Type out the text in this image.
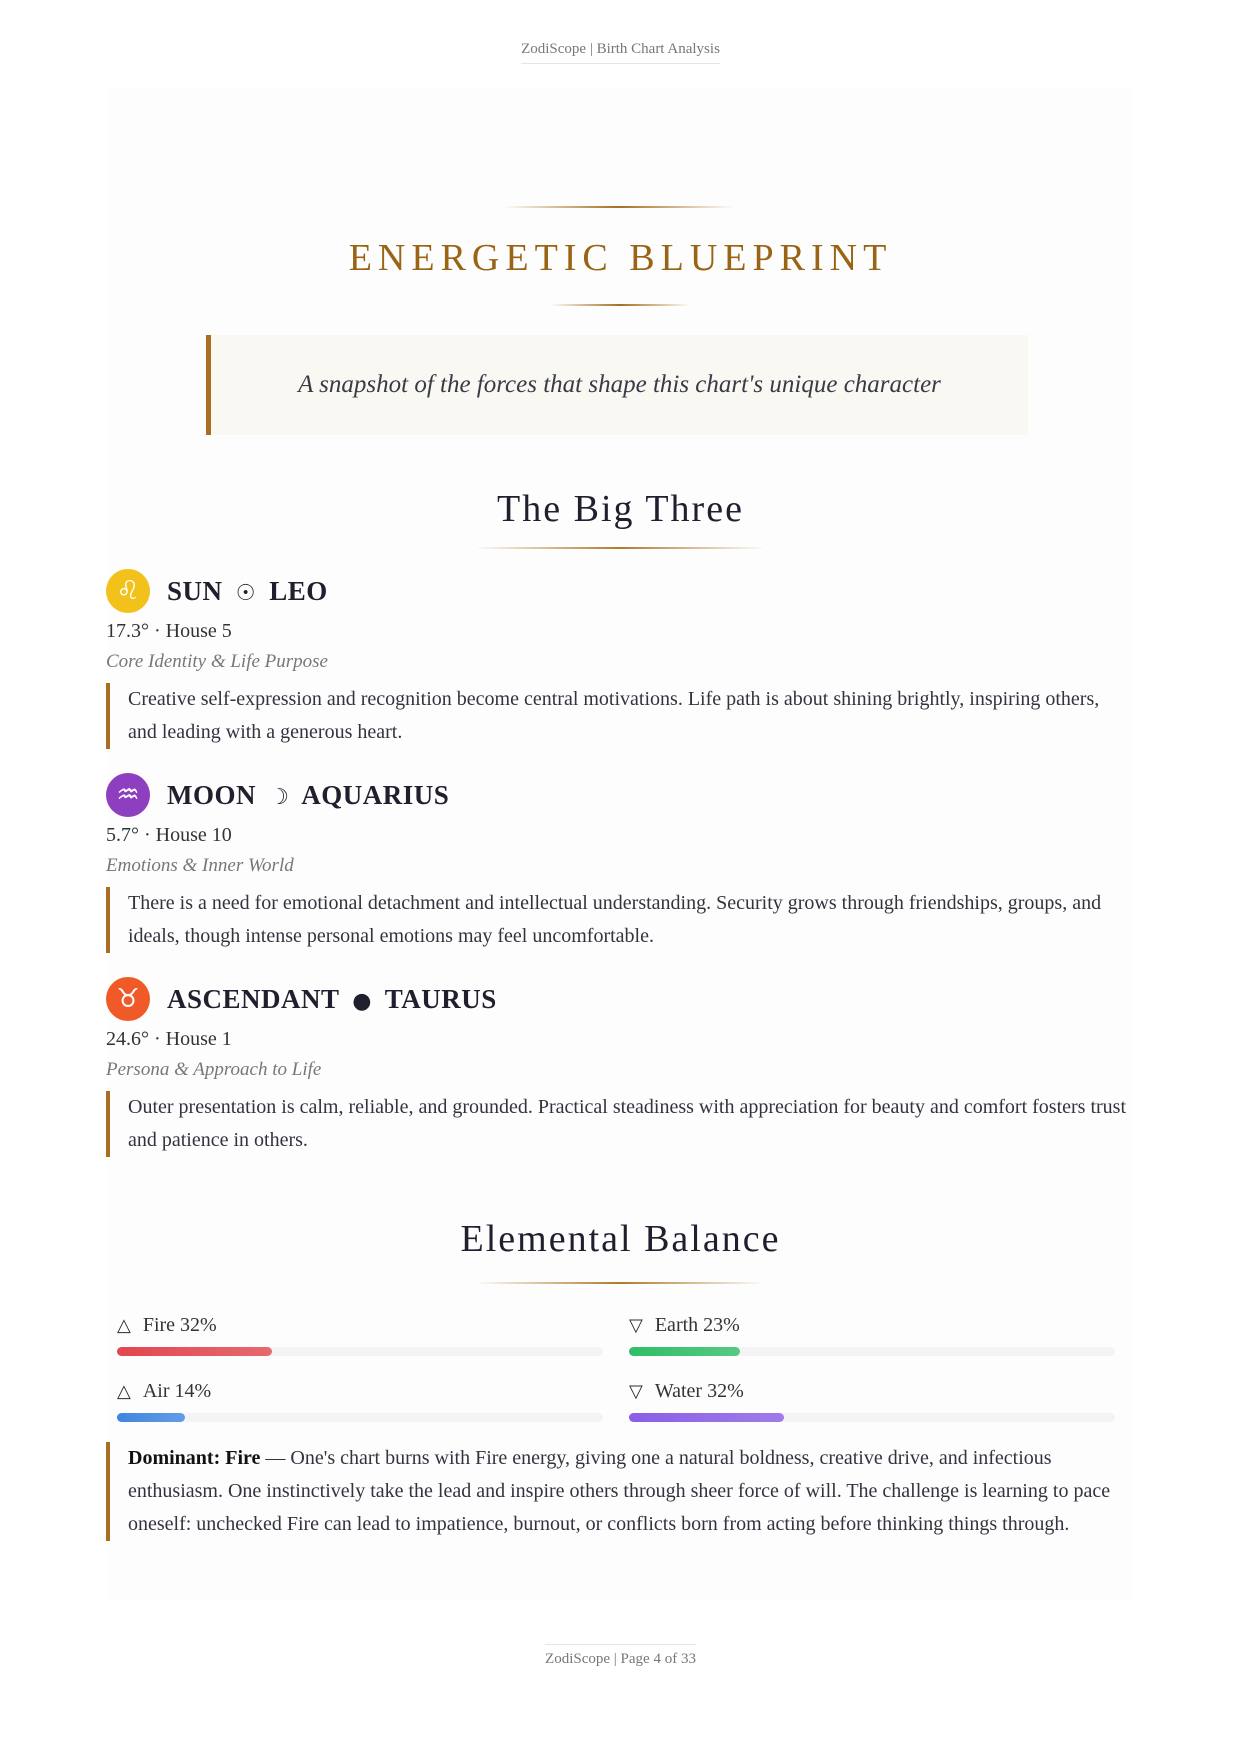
ZodiScope | Birth Chart Analysis
ENERGETIC BLUEPRINT
A snapshot of the forces that shape this chart's unique character
The Big Three
♌	SUN ☉ LEO
17.3° · House 5
Core Identity & Life Purpose
Creative self-expression and recognition become central motivations. Life path is about shining brightly, inspiring others, and leading with a generous heart.
♒	MOON ☽ AQUARIUS
5.7° · House 10
Emotions & Inner World
There is a need for emotional detachment and intellectual understanding. Security grows through friendships, groups, and ideals, though intense personal emotions may feel uncomfortable.
♉	ASCENDANT ● TAURUS
24.6° · House 1
Persona & Approach to Life
Outer presentation is calm, reliable, and grounded. Practical steadiness with appreciation for beauty and comfort fosters trust and patience in others.
Elemental Balance
△ Fire 32%	▽ Earth 23%
△ Air 14%	▽ Water 32%
Dominant: Fire — One's chart burns with Fire energy, giving one a natural boldness, creative drive, and infectious enthusiasm. One instinctively take the lead and inspire others through sheer force of will. The challenge is learning to pace oneself: unchecked Fire can lead to impatience, burnout, or conflicts born from acting before thinking things through.
ZodiScope | Page 4 of 33
